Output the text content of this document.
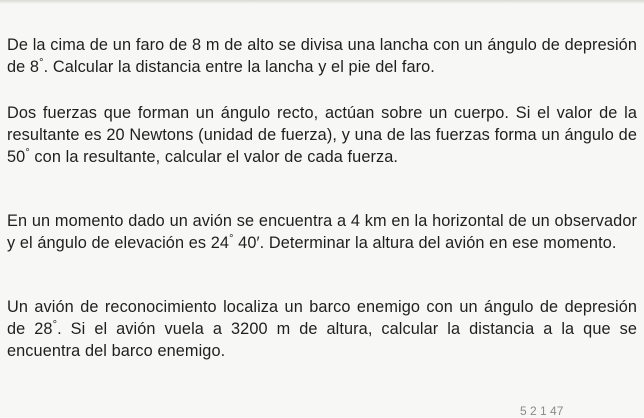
De la cima de un faro de 8 m de alto se divisa una lancha con un ángulo de depresión de 8°. Calcular la distancia entre la lancha y el pie del faro.

Dos fuerzas que forman un ángulo recto, actúan sobre un cuerpo. Si el valor de la resultante es 20 Newtons (unidad de fuerza), y una de las fuerzas forma un ángulo de 50° con la resultante, calcular el valor de cada fuerza.

En un momento dado un avión se encuentra a 4 km en la horizontal de un observador y el ángulo de elevación es 24° 40′. Determinar la altura del avión en ese momento.

Un avión de reconocimiento localiza un barco enemigo con un ángulo de depresión de 28°. Si el avión vuela a 3200 m de altura, calcular la distancia a la que se encuentra del barco enemigo.

5 2 1 47
